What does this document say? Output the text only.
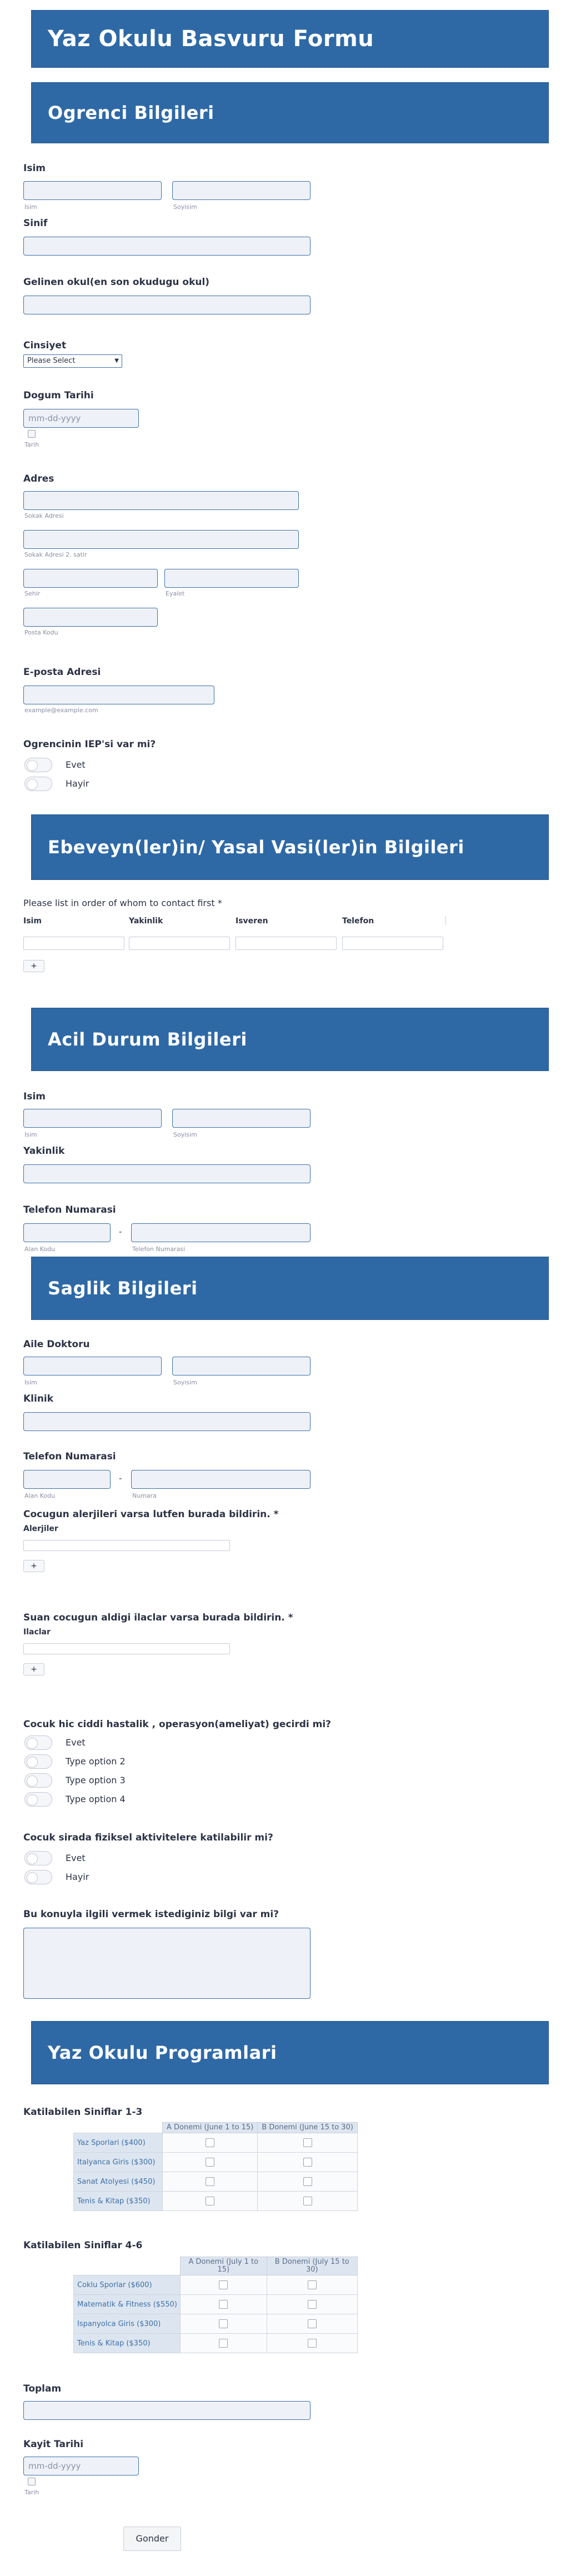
Yaz Okulu Basvuru Formu
Ogrenci Bilgileri
Isim
Isim	Soyisim
Sinif
Gelinen okul(en son okudugu okul)
Cinsiyet
Please Select	▼
Dogum Tarihi
mm-dd-yyyy
Tarih
Adres
Sokak Adresi
Sokak Adresi 2. satir
Sehir	Eyalet
Posta Kodu
E-posta Adresi
example@example.com
Ogrencinin IEP'si var mi?
Evet
Hayir
Ebeveyn(ler)in/ Yasal Vasi(ler)in Bilgileri
Please list in order of whom to contact first *
Isim	Yakinlik	Isveren	Telefon
+
Acil Durum Bilgileri
Isim
Isim	Soyisim
Yakinlik
Telefon Numarasi
-
Alan Kodu	Telefon Numarasi
Saglik Bilgileri
Aile Doktoru
Isim	Soyisim
Klinik
Telefon Numarasi
-
Alan Kodu	Numara
Cocugun alerjileri varsa lutfen burada bildirin. *
Alerjiler
+
Suan cocugun aldigi ilaclar varsa burada bildirin. *
Ilaclar
+
Cocuk hic ciddi hastalik , operasyon(ameliyat) gecirdi mi?
Evet
Type option 2
Type option 3
Type option 4
Cocuk sirada fiziksel aktivitelere katilabilir mi?
Evet
Hayir
Bu konuyla ilgili vermek istediginiz bilgi var mi?
Yaz Okulu Programlari
Katilabilen Siniflar 1-3
	A Donemi (June 1 to 15)	B Donemi (June 15 to 30)
Yaz Sporlari ($400)		
Italyanca Giris ($300)		
Sanat Atolyesi ($450)		
Tenis & Kitap ($350)		
Katilabilen Siniflar 4-6
	A Donemi (July 1 to 15)	B Donemi (July 15 to 30)
Coklu Sporlar ($600)		
Matematik & Fitness ($550)		
Ispanyolca Giris ($300)		
Tenis & Kitap ($350)		
Toplam
Kayit Tarihi
mm-dd-yyyy
Tarih
Gonder
